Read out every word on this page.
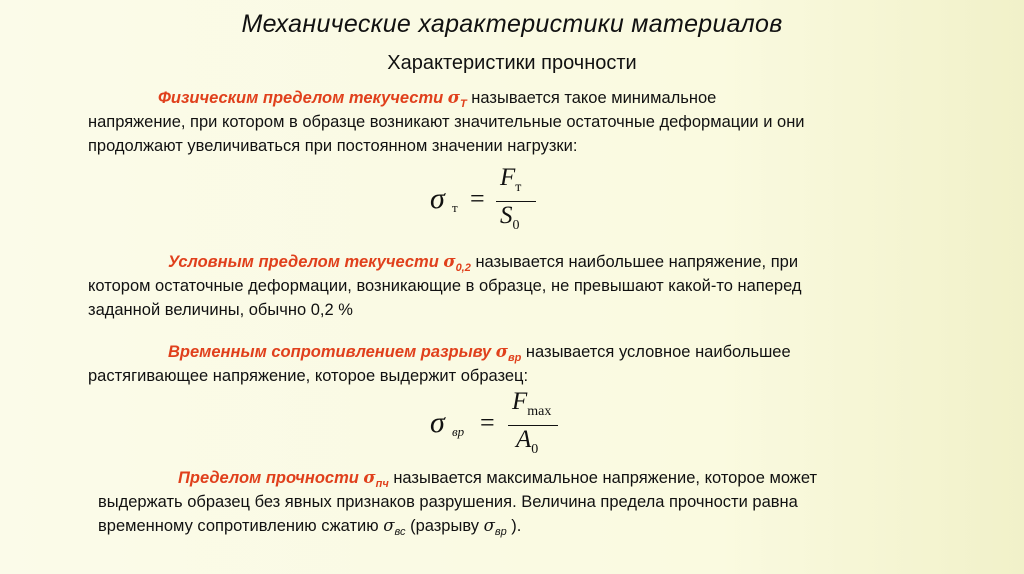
Механические характеристики материалов
Характеристики прочности
Физическим пределом текучести $\sigma_Т$ называется такое минимальное
напряжение, при котором в образце возникают значительные остаточные деформации и они
продолжают увеличиваться при постоянном значении нагрузки:
σ т =
$F_т$
$S_0$
Условным пределом текучести $\sigma_{0,2}$ называется наибольшее напряжение, при
котором остаточные деформации, возникающие в образце, не превышают какой-то наперед
заданной величины, обычно 0,2 %
Временным сопротивлением разрыву $\sigma_{вр}$ называется условное наибольшее
растягивающее напряжение, которое выдержит образец:
σ вр =
$F_{max}$
$A_0$
Пределом прочности $\sigma_{пч}$ называется максимальное напряжение, которое может
выдержать образец без явных признаков разрушения. Величина предела прочности равна
временному сопротивлению сжатию $\sigma_{вс}$ (разрыву $\sigma_{вр}$ ).
